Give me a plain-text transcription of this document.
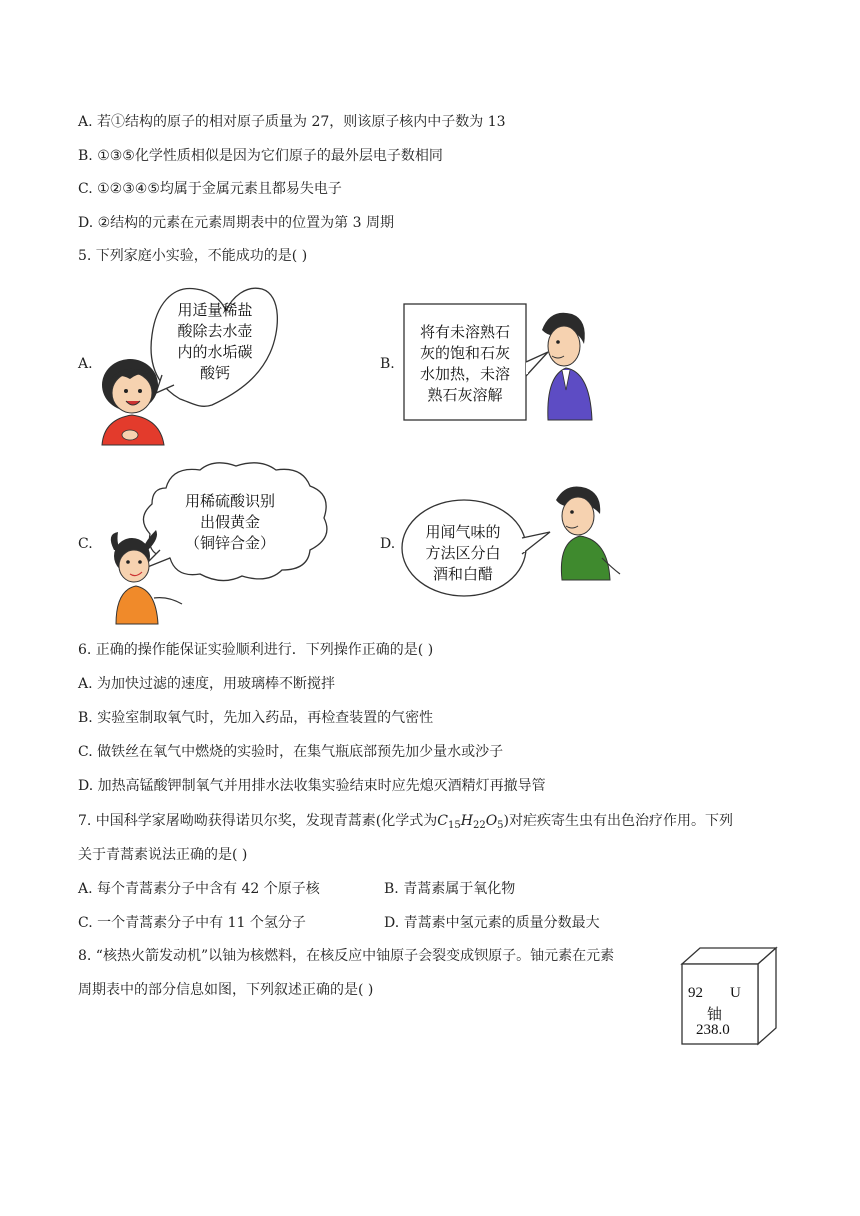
A. 若①结构的原子的相对原子质量为 27，则该原子核内中子数为 13
B. ①③⑤化学性质相似是因为它们原子的最外层电子数相同
C. ①②③④⑤均属于金属元素且都易失电子
D. ②结构的元素在元素周期表中的位置为第 3 周期
5. 下列家庭小实验，不能成功的是( )
A.	B.
C.	D.
用适量稀盐
酸除去水壶
内的水垢碳
酸钙
将有未溶熟石
灰的饱和石灰
水加热，未溶
熟石灰溶解
用稀硫酸识别
出假黄金
（铜锌合金）
用闻气味的
方法区分白
酒和白醋
6. 正确的操作能保证实验顺利进行．下列操作正确的是( )
A. 为加快过滤的速度，用玻璃棒不断搅拌
B. 实验室制取氧气时，先加入药品，再检查装置的气密性
C. 做铁丝在氧气中燃烧的实验时，在集气瓶底部预先加少量水或沙子
D. 加热高锰酸钾制氧气并用排水法收集实验结束时应先熄灭酒精灯再撤导管
7. 中国科学家屠呦呦获得诺贝尔奖，发现青蒿素(化学式为$C_{15}H_{22}O_5$)对疟疾寄生虫有出色治疗作用。下列
关于青蒿素说法正确的是( )
A. 每个青蒿素分子中含有 42 个原子核	B. 青蒿素属于氧化物
C. 一个青蒿素分子中有 11 个氢分子	D. 青蒿素中氢元素的质量分数最大
8. “核热火箭发动机”以铀为核燃料，在核反应中铀原子会裂变成钡原子。铀元素在元素
周期表中的部分信息如图，下列叙述正确的是( )	92 U
铀
238.0
